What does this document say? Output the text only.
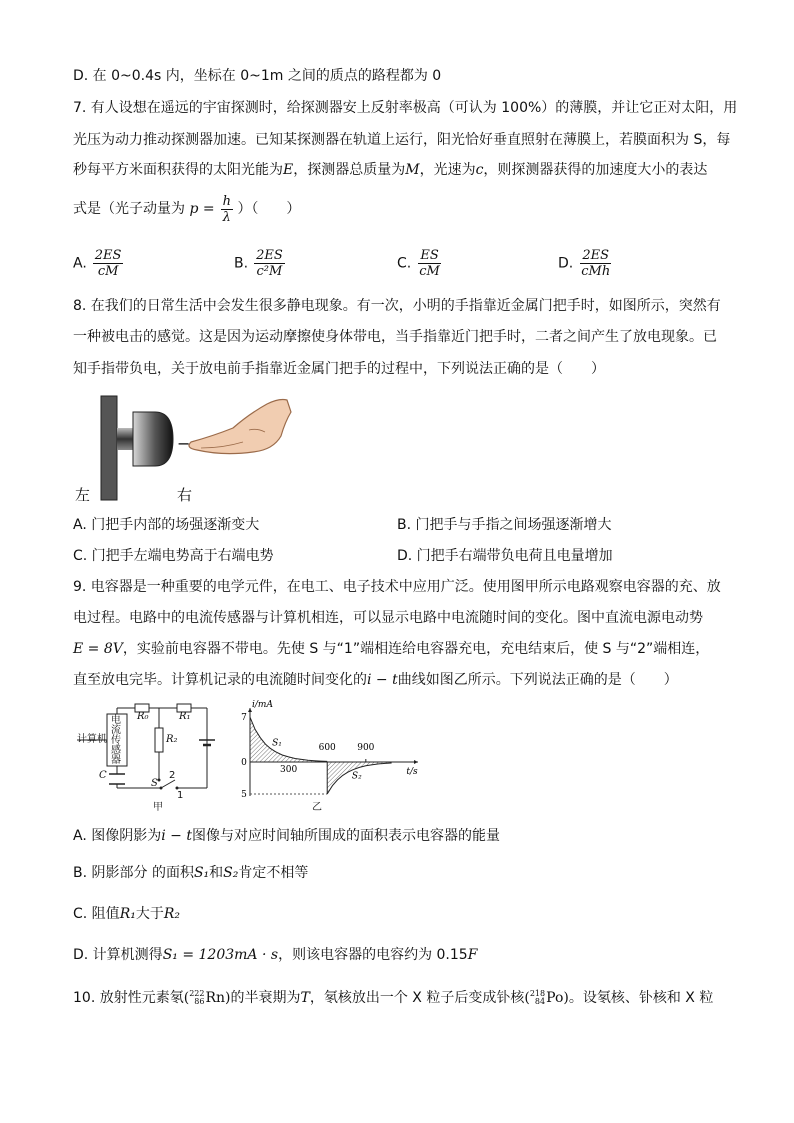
D. 在 0~0.4s 内，坐标在 0~1m 之间的质点的路程都为 0
7. 有人设想在遥远的宇宙探测时，给探测器安上反射率极高（可认为 100%）的薄膜，并让它正对太阳，用
光压为动力推动探测器加速。已知某探测器在轨道上运行，阳光恰好垂直照射在薄膜上，若膜面积为 S，每
秒每平方米面积获得的太阳光能为E，探测器总质量为M，光速为c，则探测器获得的加速度大小的表达
式是（光子动量为 $p = \frac{h}{\lambda}$ ）（　　）
A. $\frac{2ES}{cM}$	B. $\frac{2ES}{\text{c²M}}$	C. $\frac{ES}{cM}$	D. $\frac{2ES}{\text{cMh}}$
8. 在我们的日常生活中会发生很多静电现象。有一次，小明的手指靠近金属门把手时，如图所示，突然有
一种被电击的感觉。这是因为运动摩擦使身体带电，当手指靠近门把手时，二者之间产生了放电现象。已
知手指带负电，关于放电前手指靠近金属门把手的过程中，下列说法正确的是（　　）
−
左	右
A. 门把手内部的场强逐渐变大	B. 门把手与手指之间场强逐渐增大
C. 门把手左端电势高于右端电势	D. 门把手右端带负电荷且电量增加
9. 电容器是一种重要的电学元件，在电工、电子技术中应用广泛。使用图甲所示电路观察电容器的充、放
电过程。电路中的电流传感器与计算机相连，可以显示电路中电流随时间的变化。图中直流电源电动势
E = 8V，实验前电容器不带电。先使 S 与“1”端相连给电容器充电，充电结束后，使 S 与“2”端相连，
直至放电完毕。计算机记录的电流随时间变化的i − t曲线如图乙所示。下列说法正确的是（　　）
计算机
电
流
传
感
器
R₀	R₁
R₂
C
S
2
1
甲
7
5
0
300
600 900
i/mA
t/s
S₁
S₂
乙
A. 图像阴影为i − t图像与对应时间轴所围成的面积表示电容器的能量
B. 阴影部分 的面积S₁和S₂肯定不相等
C. 阻值R₁大于R₂
D. 计算机测得S₁ = 1203mA · s，则该电容器的电容约为 0.15F
10. 放射性元素氡( 222
86 Rn)的半衰期为T，氡核放出一个 X 粒子后变成钋核( 218
84 Po)。设氡核、钋核和 X 粒
